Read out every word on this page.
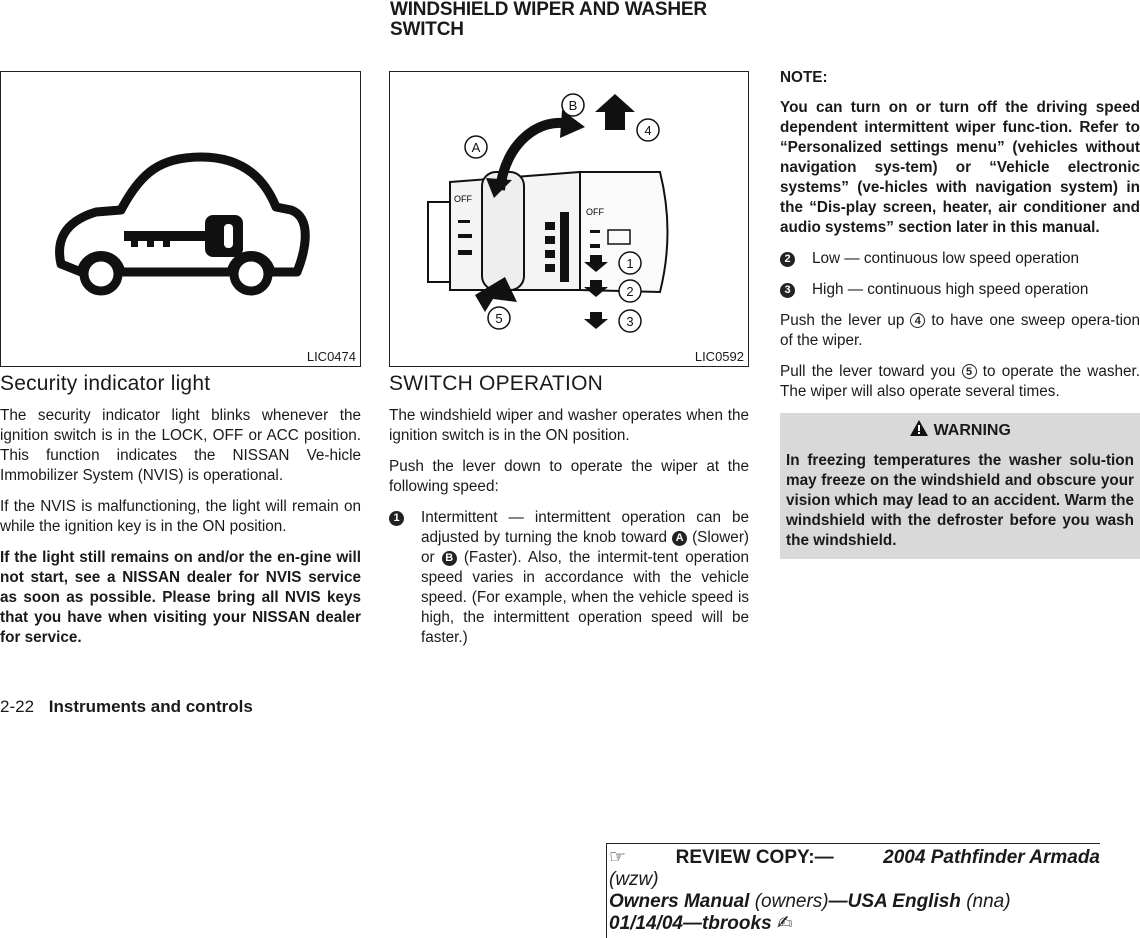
WINDSHIELD WIPER AND WASHER
SWITCH
LIC0474
OFF
OFF
A
B
4
1
2
3
5
LIC0592
Security indicator light

The security indicator light blinks whenever the ignition switch is in the LOCK, OFF or ACC position. This function indicates the NISSAN Ve-hicle Immobilizer System (NVIS) is operational.

If the NVIS is malfunctioning, the light will remain on while the ignition key is in the ON position.

If the light still remains on and/or the en-gine will not start, see a NISSAN dealer for NVIS service as soon as possible. Please bring all NVIS keys that you have when visiting your NISSAN dealer for service.

SWITCH OPERATION

The windshield wiper and washer operates when the ignition switch is in the ON position.

Push the lever down to operate the wiper at the following speed:

1	Intermittent — intermittent operation can be adjusted by turning the knob toward A (Slower) or B (Faster). Also, the intermit-tent operation speed varies in accordance with the vehicle speed. (For example, when the vehicle speed is high, the intermittent operation speed will be faster.)

NOTE:

You can turn on or turn off the driving speed dependent intermittent wiper func-tion. Refer to “Personalized settings menu” (vehicles without navigation sys-tem) or “Vehicle electronic systems” (ve-hicles with navigation system) in the “Dis-play screen, heater, air conditioner and audio systems” section later in this manual.

2	Low — continuous low speed operation
3	High — continuous high speed operation

Push the lever up 4 to have one sweep opera-tion of the wiper.

Pull the lever toward you 5 to operate the washer. The wiper will also operate several times.

WARNING
In freezing temperatures the washer solu-tion may freeze on the windshield and obscure your vision which may lead to an accident. Warm the windshield with the defroster before you wash the windshield.
2-22 Instruments and controls
☞	REVIEW COPY:—	2004 Pathfinder Armada
(wzw)
Owners Manual (owners)—USA English (nna)
01/14/04—tbrooks ✍
